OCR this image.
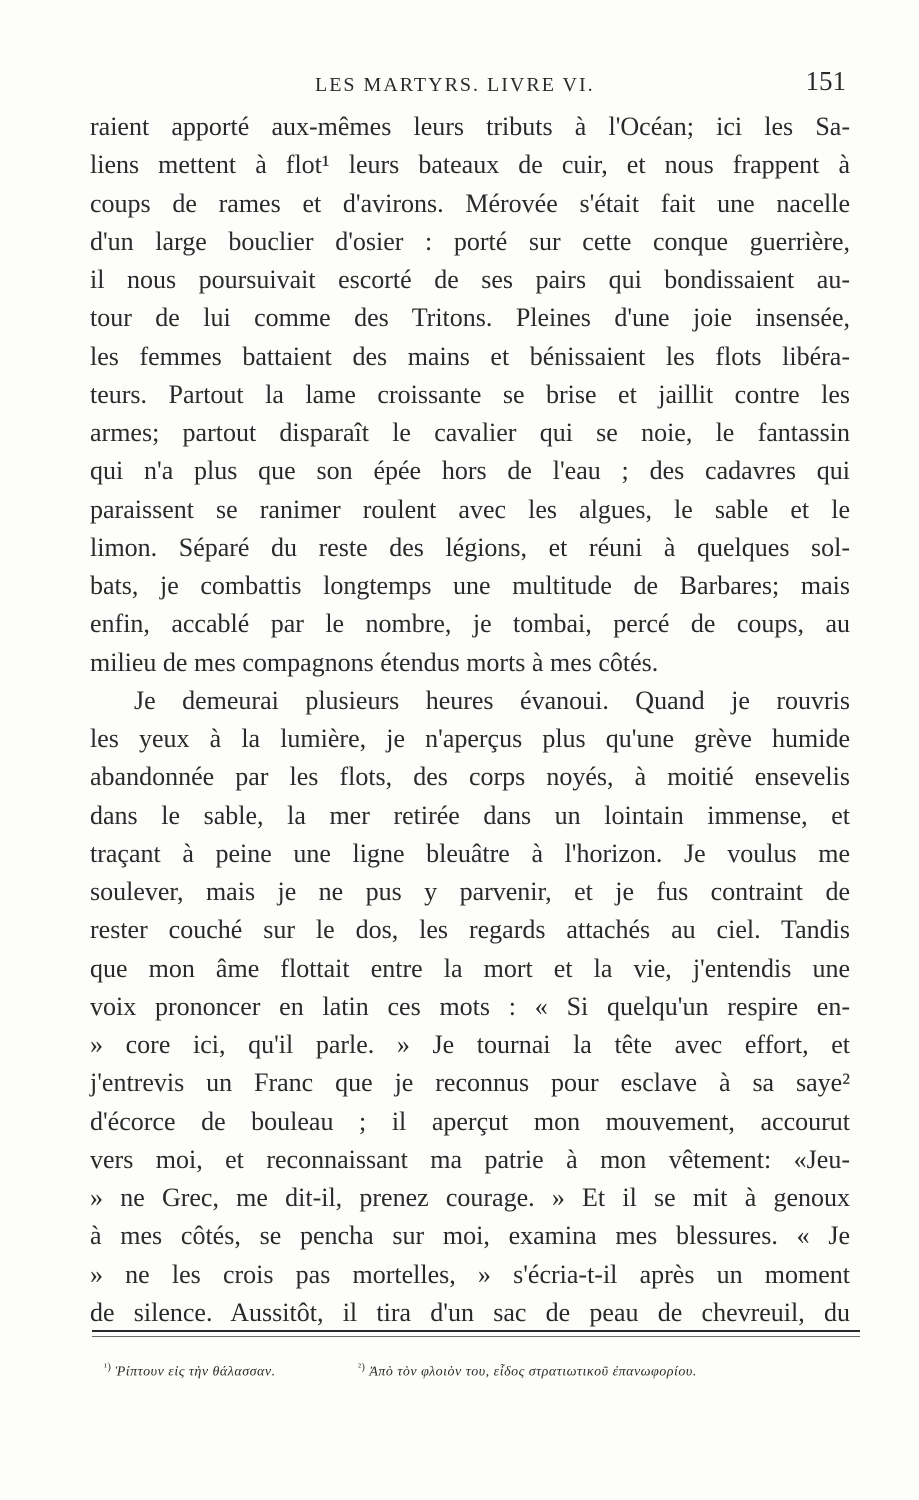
LES MARTYRS. LIVRE VI.	151
raient apporté aux-mêmes leurs tributs à l'Océan; ici les Sa-
liens mettent à flot¹ leurs bateaux de cuir, et nous frappent à
coups de rames et d'avirons. Mérovée s'était fait une nacelle
d'un large bouclier d'osier : porté sur cette conque guerrière,
il nous poursuivait escorté de ses pairs qui bondissaient au-
tour de lui comme des Tritons. Pleines d'une joie insensée,
les femmes battaient des mains et bénissaient les flots libéra-
teurs. Partout la lame croissante se brise et jaillit contre les
armes; partout disparaît le cavalier qui se noie, le fantassin
qui n'a plus que son épée hors de l'eau ; des cadavres qui
paraissent se ranimer roulent avec les algues, le sable et le
limon. Séparé du reste des légions, et réuni à quelques sol-
bats, je combattis longtemps une multitude de Barbares; mais
enfin, accablé par le nombre, je tombai, percé de coups, au
milieu de mes compagnons étendus morts à mes côtés.
Je demeurai plusieurs heures évanoui. Quand je rouvris
les yeux à la lumière, je n'aperçus plus qu'une grève humide
abandonnée par les flots, des corps noyés, à moitié ensevelis
dans le sable, la mer retirée dans un lointain immense, et
traçant à peine une ligne bleuâtre à l'horizon. Je voulus me
soulever, mais je ne pus y parvenir, et je fus contraint de
rester couché sur le dos, les regards attachés au ciel. Tandis
que mon âme flottait entre la mort et la vie, j'entendis une
voix prononcer en latin ces mots : « Si quelqu'un respire en-
» core ici, qu'il parle. » Je tournai la tête avec effort, et
j'entrevis un Franc que je reconnus pour esclave à sa saye²
d'écorce de bouleau ; il aperçut mon mouvement, accourut
vers moi, et reconnaissant ma patrie à mon vêtement: «Jeu-
» ne Grec, me dit-il, prenez courage. » Et il se mit à genoux
à mes côtés, se pencha sur moi, examina mes blessures. « Je
» ne les crois pas mortelles, » s'écria-t-il après un moment
de silence. Aussitôt, il tira d'un sac de peau de chevreuil, du
$^{^1)}$ Ῥίπτουν εἰς τὴν θάλασσαν.	$^{^2)}$ Ἀπὸ τὸν φλοιὸν του, εἶδος στρατιωτικοῦ ἐπανωφορίου.
